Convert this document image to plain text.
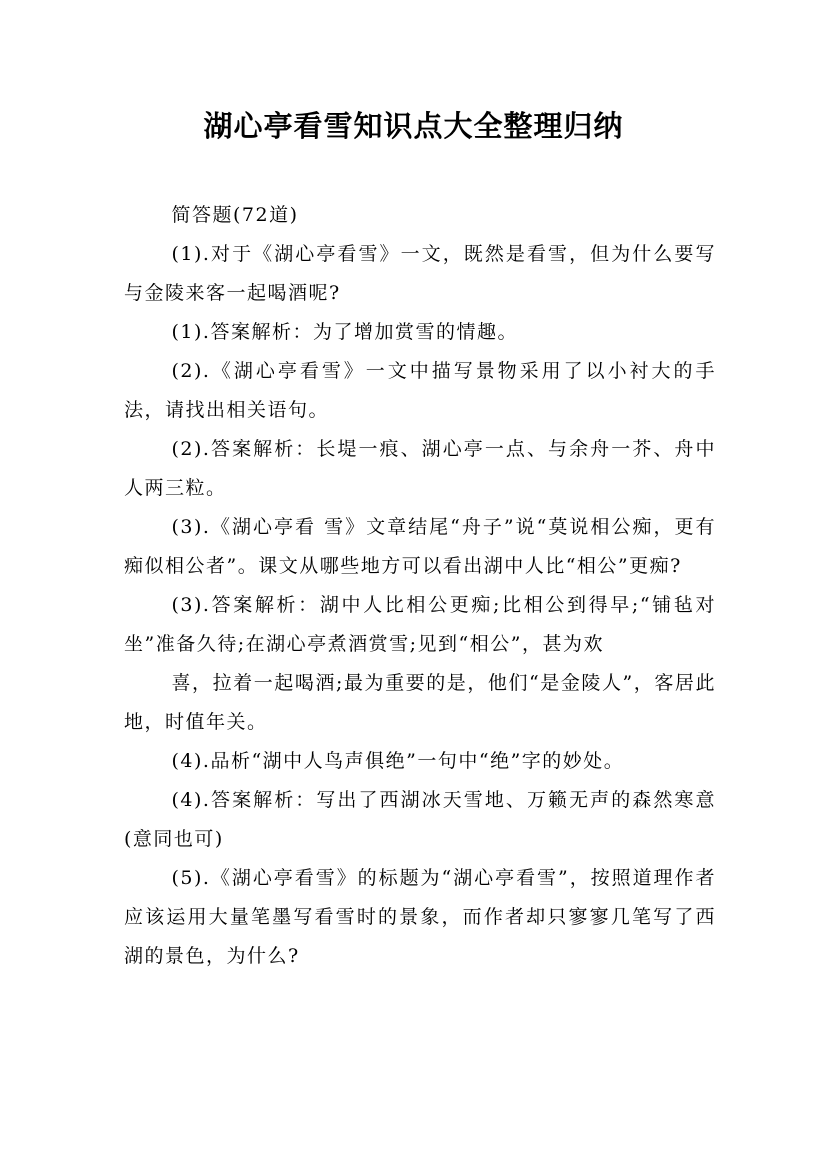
湖心亭看雪知识点大全整理归纳

简答题(72道)

(1).对于《湖心亭看雪》一文，既然是看雪，但为什么要写与金陵来客一起喝酒呢?

(1).答案解析：为了增加赏雪的情趣。

(2).《湖心亭看雪》一文中描写景物采用了以小衬大的手法，请找出相关语句。

(2).答案解析：长堤一痕、湖心亭一点、与余舟一芥、舟中人两三粒。

(3).《湖心亭看 雪》文章结尾“舟子”说“莫说相公痴，更有痴似相公者”。课文从哪些地方可以看出湖中人比“相公”更痴?

(3).答案解析：湖中人比相公更痴;比相公到得早;“铺毡对坐”准备久待;在湖心亭煮酒赏雪;见到“相公”，甚为欢

喜，拉着一起喝酒;最为重要的是，他们“是金陵人”，客居此地，时值年关。

(4).品析“湖中人鸟声俱绝”一句中“绝”字的妙处。

(4).答案解析：写出了西湖冰天雪地、万籁无声的森然寒意(意同也可)

(5).《湖心亭看雪》的标题为“湖心亭看雪”，按照道理作者应该运用大量笔墨写看雪时的景象，而作者却只寥寥几笔写了西湖的景色，为什么?
